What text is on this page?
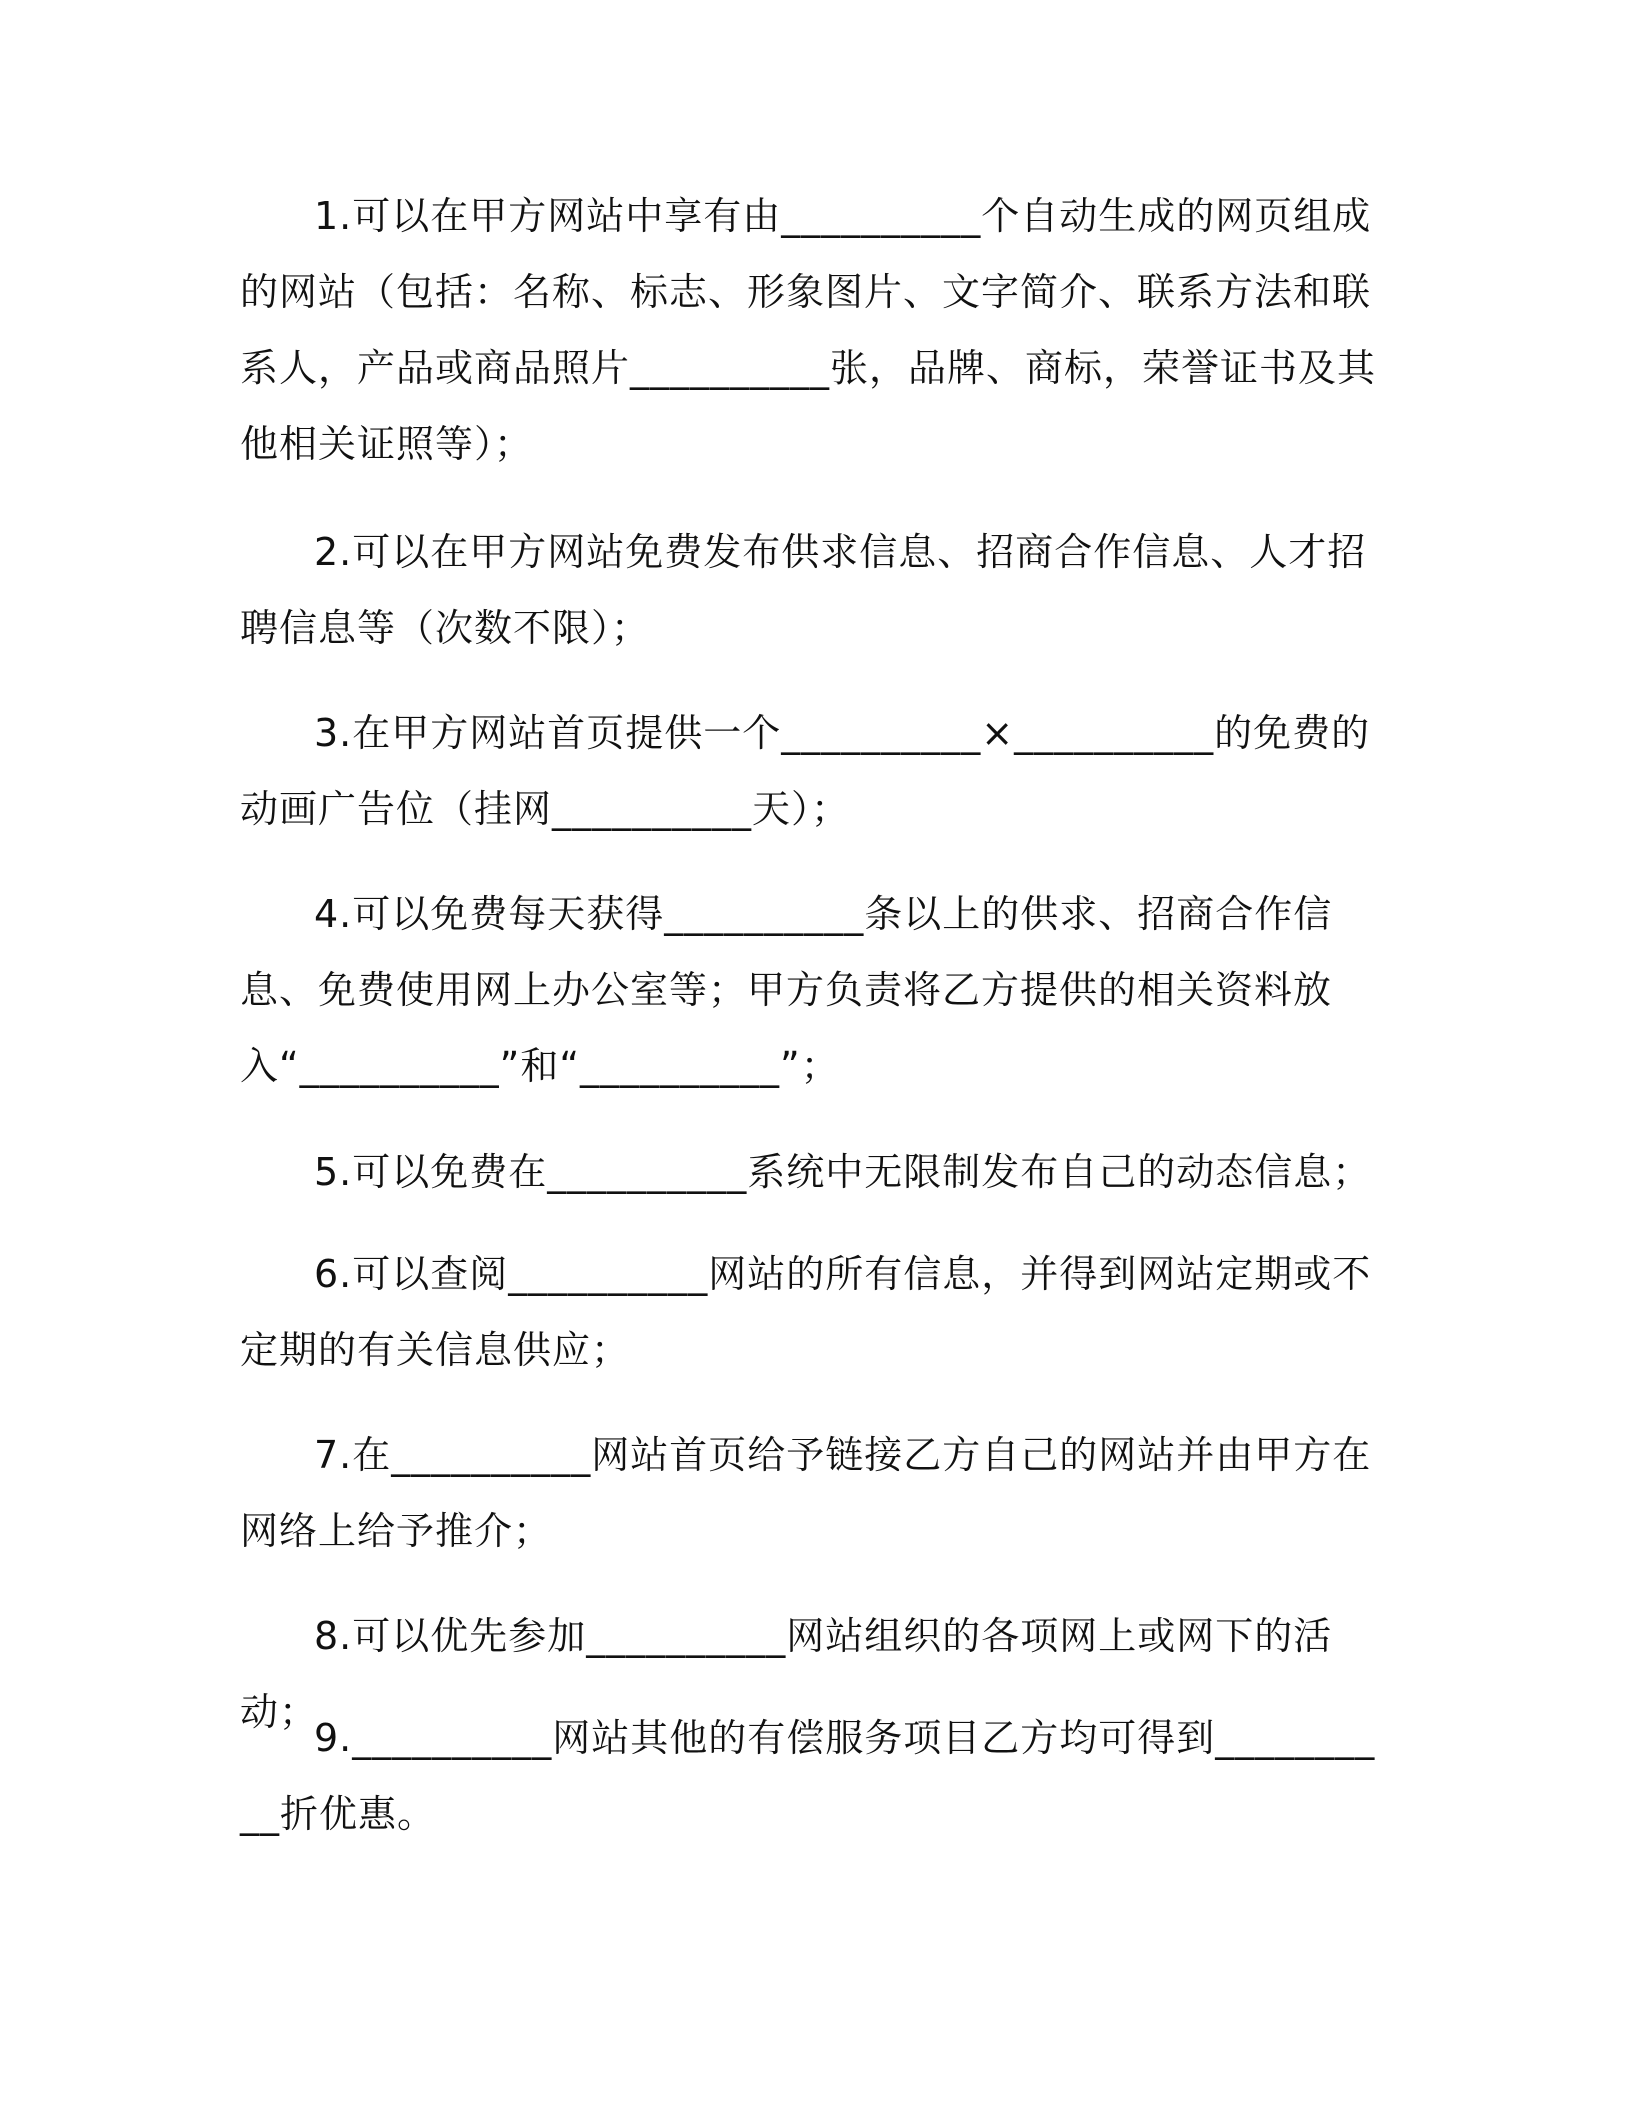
1.可以在甲方网站中享有由__________个自动生成的网页组成的网站（包括：名称、标志、形象图片、文字简介、联系方法和联系人，产品或商品照片__________张，品牌、商标，荣誉证书及其他相关证照等）；

2.可以在甲方网站免费发布供求信息、招商合作信息、人才招聘信息等（次数不限）；

3.在甲方网站首页提供一个__________×__________的免费的动画广告位（挂网__________天）；

4.可以免费每天获得__________条以上的供求、招商合作信息、免费使用网上办公室等；甲方负责将乙方提供的相关资料放入“__________”和“__________”；

5.可以免费在__________系统中无限制发布自己的动态信息；

6.可以查阅__________网站的所有信息，并得到网站定期或不定期的有关信息供应；

7.在__________网站首页给予链接乙方自己的网站并由甲方在网络上给予推介；

8.可以优先参加__________网站组织的各项网上或网下的活动；

9.__________网站其他的有偿服务项目乙方均可得到__________折优惠。
